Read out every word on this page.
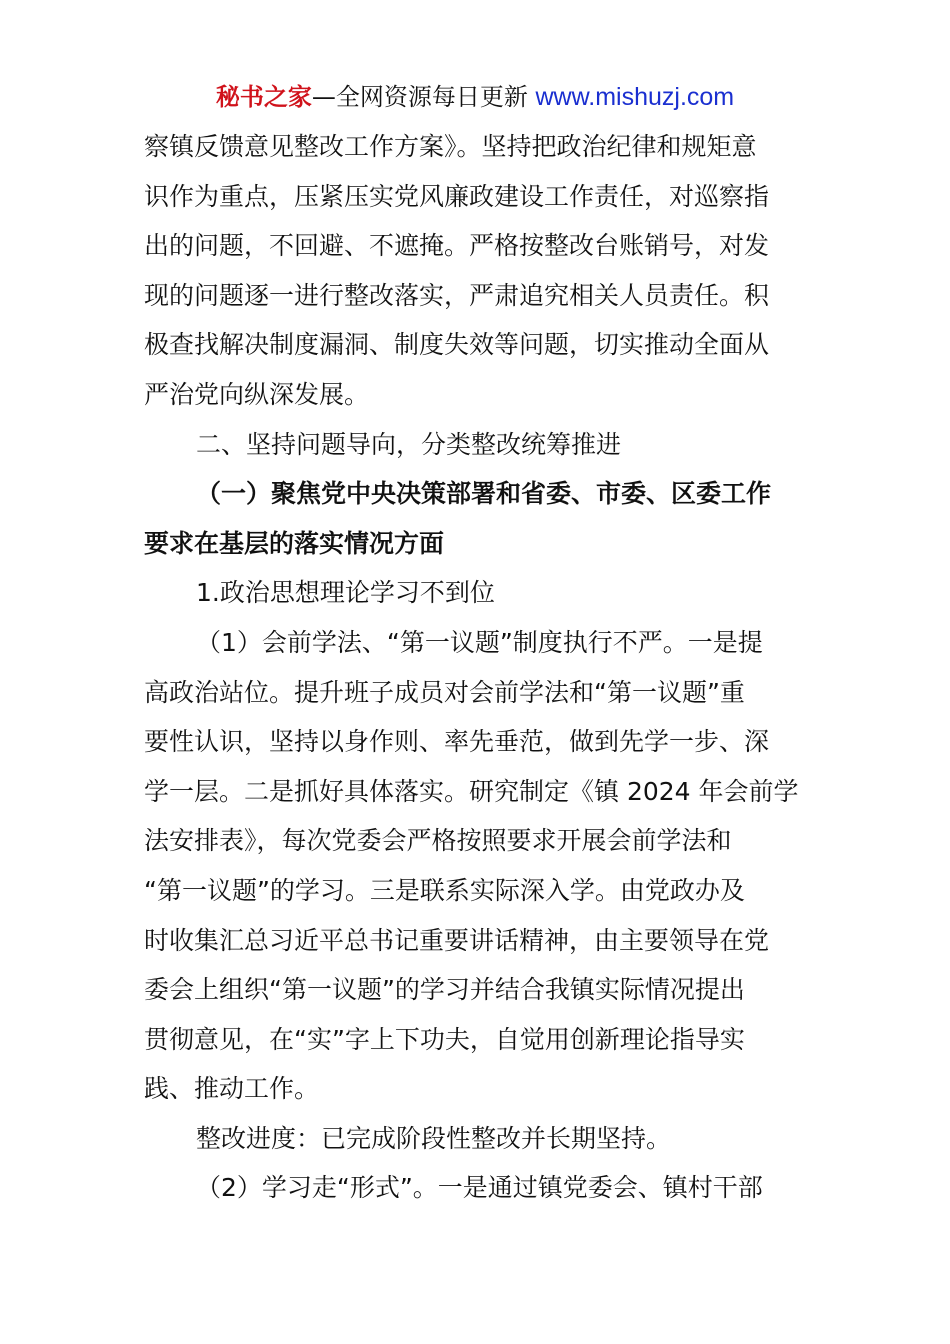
秘书之家—全网资源每日更新 www.mishuzj.com
察镇反馈意见整改工作方案》。坚持把政治纪律和规矩意
识作为重点，压紧压实党风廉政建设工作责任，对巡察指
出的问题，不回避、不遮掩。严格按整改台账销号，对发
现的问题逐一进行整改落实，严肃追究相关人员责任。积
极查找解决制度漏洞、制度失效等问题，切实推动全面从
严治党向纵深发展。
二、坚持问题导向，分类整改统筹推进
（一）聚焦党中央决策部署和省委、市委、区委工作
要求在基层的落实情况方面
1.政治思想理论学习不到位
（1）会前学法、“第一议题”制度执行不严。一是提
高政治站位。提升班子成员对会前学法和“第一议题”重
要性认识，坚持以身作则、率先垂范，做到先学一步、深
学一层。二是抓好具体落实。研究制定《镇 2024 年会前学
法安排表》，每次党委会严格按照要求开展会前学法和
“第一议题”的学习。三是联系实际深入学。由党政办及
时收集汇总习近平总书记重要讲话精神，由主要领导在党
委会上组织“第一议题”的学习并结合我镇实际情况提出
贯彻意见，在“实”字上下功夫，自觉用创新理论指导实
践、推动工作。
整改进度：已完成阶段性整改并长期坚持。
（2）学习走“形式”。一是通过镇党委会、镇村干部
